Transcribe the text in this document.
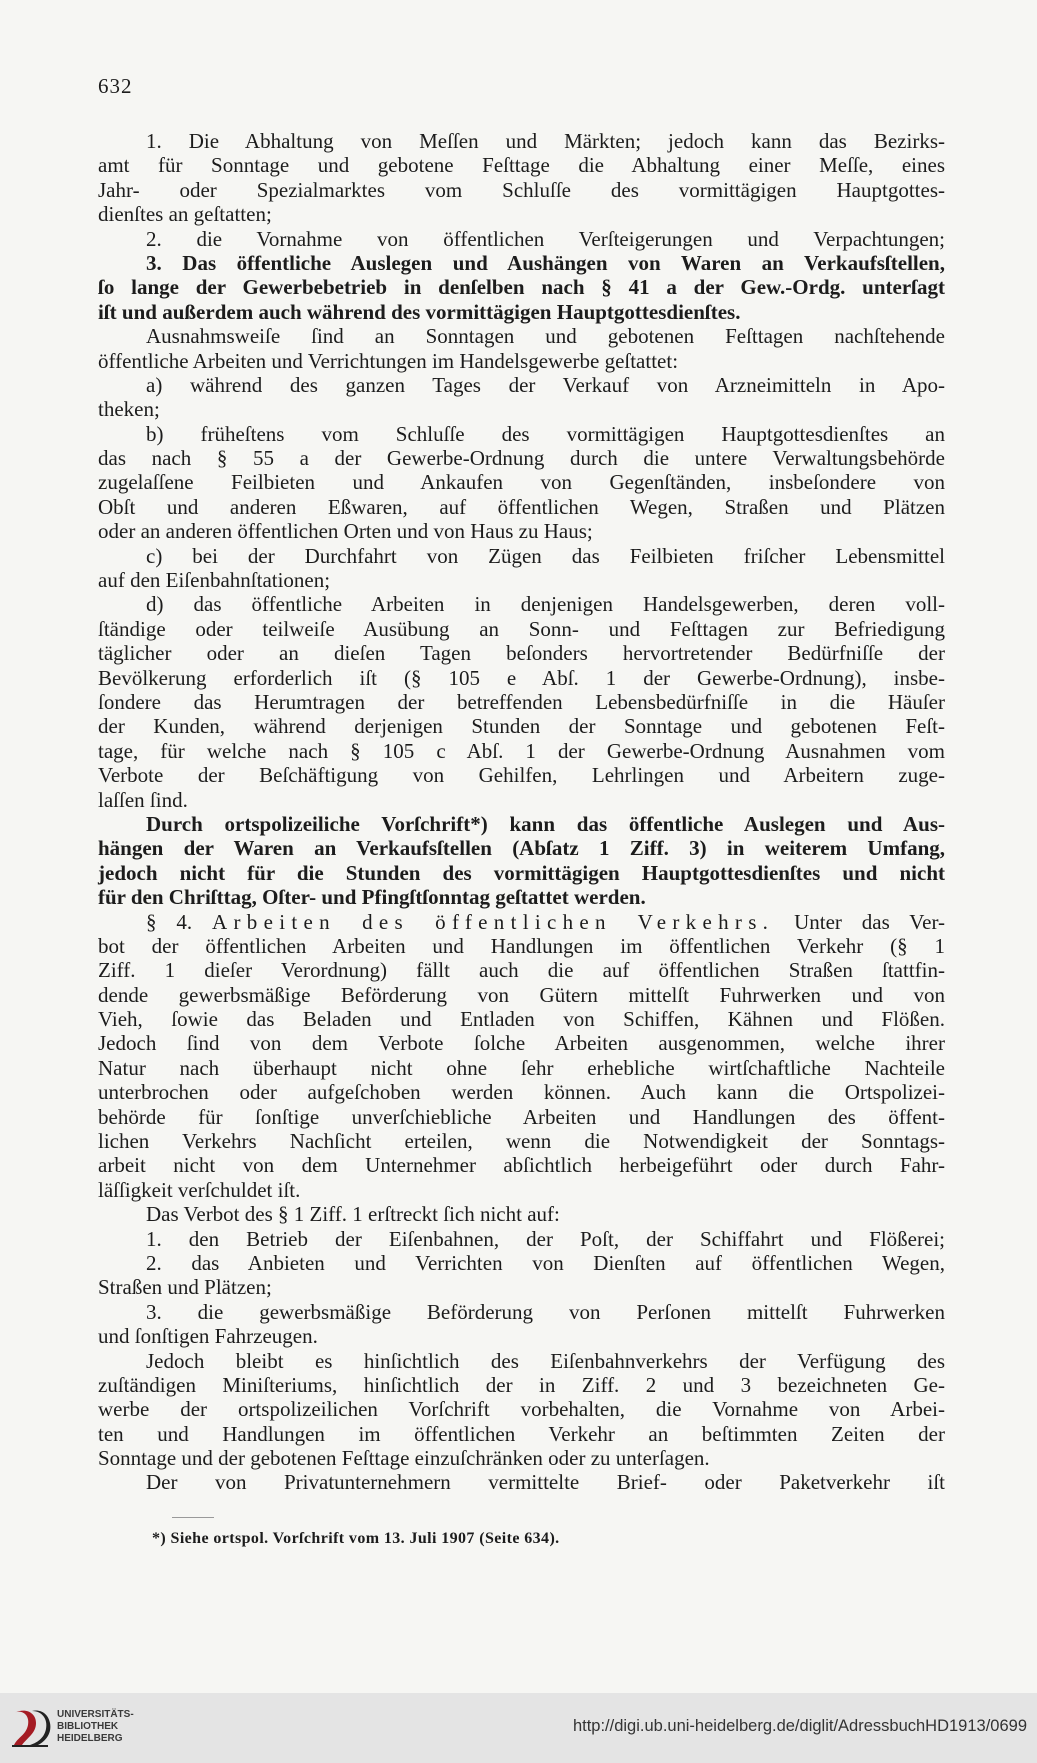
632
1. Die Abhaltung von Meſſen und Märkten; jedoch kann das Bezirks-
amt für Sonntage und gebotene Feſttage die Abhaltung einer Meſſe, eines
Jahr- oder Spezialmarktes vom Schluſſe des vormittägigen Hauptgottes-
dienſtes an geſtatten;
2. die Vornahme von öffentlichen Verſteigerungen und Verpachtungen;
3. Das öffentliche Auslegen und Aushängen von Waren an Verkaufsſtellen,
ſo lange der Gewerbebetrieb in denſelben nach § 41 a der Gew.-Ordg. unterſagt
iſt und außerdem auch während des vormittägigen Hauptgottesdienſtes.
Ausnahmsweiſe ſind an Sonntagen und gebotenen Feſttagen nachſtehende
öffentliche Arbeiten und Verrichtungen im Handelsgewerbe geſtattet:
a) während des ganzen Tages der Verkauf von Arzneimitteln in Apo-
theken;
b) früheſtens vom Schluſſe des vormittägigen Hauptgottesdienſtes an
das nach § 55 a der Gewerbe-Ordnung durch die untere Verwaltungsbehörde
zugelaſſene Feilbieten und Ankaufen von Gegenſtänden, insbeſondere von
Obſt und anderen Eßwaren, auf öffentlichen Wegen, Straßen und Plätzen
oder an anderen öffentlichen Orten und von Haus zu Haus;
c) bei der Durchfahrt von Zügen das Feilbieten friſcher Lebensmittel
auf den Eiſenbahnſtationen;
d) das öffentliche Arbeiten in denjenigen Handelsgewerben, deren voll-
ſtändige oder teilweiſe Ausübung an Sonn- und Feſttagen zur Befriedigung
täglicher oder an dieſen Tagen beſonders hervortretender Bedürfniſſe der
Bevölkerung erforderlich iſt (§ 105 e Abſ. 1 der Gewerbe-Ordnung), insbe-
ſondere das Herumtragen der betreffenden Lebensbedürfniſſe in die Häuſer
der Kunden, während derjenigen Stunden der Sonntage und gebotenen Feſt-
tage, für welche nach § 105 c Abſ. 1 der Gewerbe-Ordnung Ausnahmen vom
Verbote der Beſchäftigung von Gehilfen, Lehrlingen und Arbeitern zuge-
laſſen ſind.
Durch ortspolizeiliche Vorſchrift*) kann das öffentliche Auslegen und Aus-
hängen der Waren an Verkaufsſtellen (Abſatz 1 Ziff. 3) in weiterem Umfang,
jedoch nicht für die Stunden des vormittägigen Hauptgottesdienſtes und nicht
für den Chriſttag, Oſter- und Pfingſtſonntag geſtattet werden.
§ 4. Arbeiten des öffentlichen Verkehrs. Unter das Ver-
bot der öffentlichen Arbeiten und Handlungen im öffentlichen Verkehr (§ 1
Ziff. 1 dieſer Verordnung) fällt auch die auf öffentlichen Straßen ſtattfin-
dende gewerbsmäßige Beförderung von Gütern mittelſt Fuhrwerken und von
Vieh, ſowie das Beladen und Entladen von Schiffen, Kähnen und Flößen.
Jedoch ſind von dem Verbote ſolche Arbeiten ausgenommen, welche ihrer
Natur nach überhaupt nicht ohne ſehr erhebliche wirtſchaftliche Nachteile
unterbrochen oder aufgeſchoben werden können. Auch kann die Ortspolizei-
behörde für ſonſtige unverſchiebliche Arbeiten und Handlungen des öffent-
lichen Verkehrs Nachſicht erteilen, wenn die Notwendigkeit der Sonntags-
arbeit nicht von dem Unternehmer abſichtlich herbeigeführt oder durch Fahr-
läſſigkeit verſchuldet iſt.
Das Verbot des § 1 Ziff. 1 erſtreckt ſich nicht auf:
1. den Betrieb der Eiſenbahnen, der Poſt, der Schiffahrt und Flößerei;
2. das Anbieten und Verrichten von Dienſten auf öffentlichen Wegen,
Straßen und Plätzen;
3. die gewerbsmäßige Beförderung von Perſonen mittelſt Fuhrwerken
und ſonſtigen Fahrzeugen.
Jedoch bleibt es hinſichtlich des Eiſenbahnverkehrs der Verfügung des
zuſtändigen Miniſteriums, hinſichtlich der in Ziff. 2 und 3 bezeichneten Ge-
werbe der ortspolizeilichen Vorſchrift vorbehalten, die Vornahme von Arbei-
ten und Handlungen im öffentlichen Verkehr an beſtimmten Zeiten der
Sonntage und der gebotenen Feſttage einzuſchränken oder zu unterſagen.
Der von Privatunternehmern vermittelte Brief- oder Paketverkehr iſt
*) Siehe ortspol. Vorſchrift vom 13. Juli 1907 (Seite 634).
UNIVERSITÄTS-
BIBLIOTHEK
HEIDELBERG
http://digi.ub.uni-heidelberg.de/diglit/AdressbuchHD1913/0699
